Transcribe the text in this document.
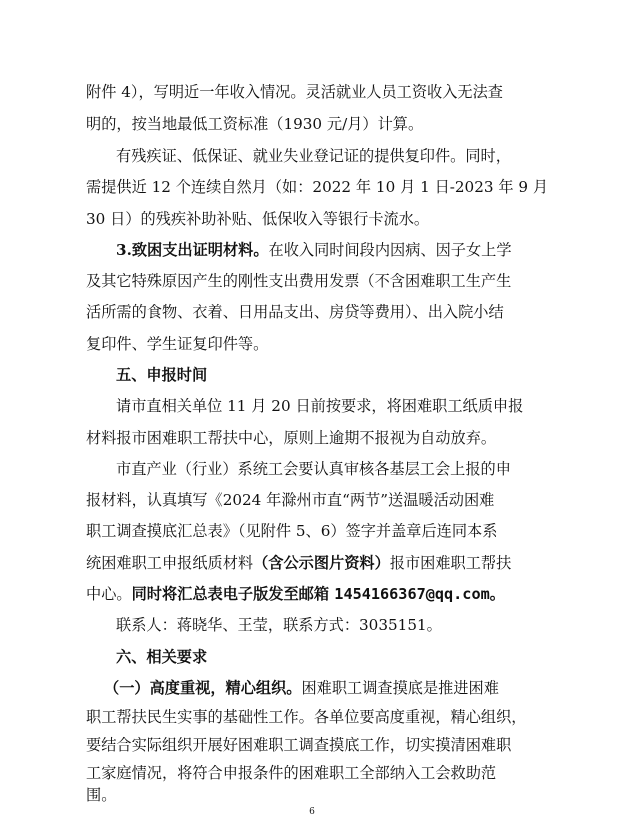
附件 4），写明近一年收入情况。灵活就业人员工资收入无法查
明的，按当地最低工资标准（1930 元/月）计算。
有残疾证、低保证、就业失业登记证的提供复印件。同时，
需提供近 12 个连续自然月（如：2022 年 10 月 1 日-2023 年 9 月
30 日）的残疾补助补贴、低保收入等银行卡流水。
3.致困支出证明材料。在收入同时间段内因病、因子女上学
及其它特殊原因产生的刚性支出费用发票（不含困难职工生产生
活所需的食物、衣着、日用品支出、房贷等费用）、出入院小结
复印件、学生证复印件等。
五、申报时间
请市直相关单位 11 月 20 日前按要求，将困难职工纸质申报
材料报市困难职工帮扶中心，原则上逾期不报视为自动放弃。
市直产业（行业）系统工会要认真审核各基层工会上报的申
报材料，认真填写《2024 年滁州市直“两节”送温暖活动困难
职工调查摸底汇总表》（见附件 5、6）签字并盖章后连同本系
统困难职工申报纸质材料（含公示图片资料）报市困难职工帮扶
中心。同时将汇总表电子版发至邮箱 1454166367@qq.com。
联系人：蒋晓华、王莹，联系方式：3035151。
六、相关要求
（一）高度重视，精心组织。困难职工调查摸底是推进困难
职工帮扶民生实事的基础性工作。各单位要高度重视，精心组织，
要结合实际组织开展好困难职工调查摸底工作，切实摸清困难职
工家庭情况，将符合申报条件的困难职工全部纳入工会救助范
6
围。
